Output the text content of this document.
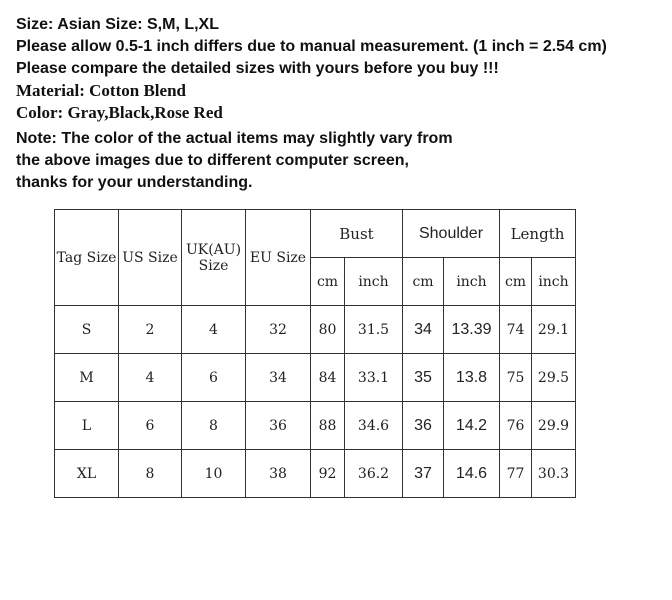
Size: Asian Size: S,M, L,XL
Please allow 0.5-1 inch differs due to manual measurement. (1 inch = 2.54 cm)
Please compare the detailed sizes with yours before you buy !!!
Material: Cotton Blend
Color: Gray,Black,Rose Red
Note: The color of the actual items may slightly vary from
the above images due to different computer screen,
thanks for your understanding.
Tag Size	US Size	UK(AU) Size	EU Size	Bust		Shoulder		Length	
				cm	inch	cm	inch	cm	inch
S	2	4	32	80	31.5	34	13.39	74	29.1
M	4	6	34	84	33.1	35	13.8	75	29.5
L	6	8	36	88	34.6	36	14.2	76	29.9
XL	8	10	38	92	36.2	37	14.6	77	30.3
